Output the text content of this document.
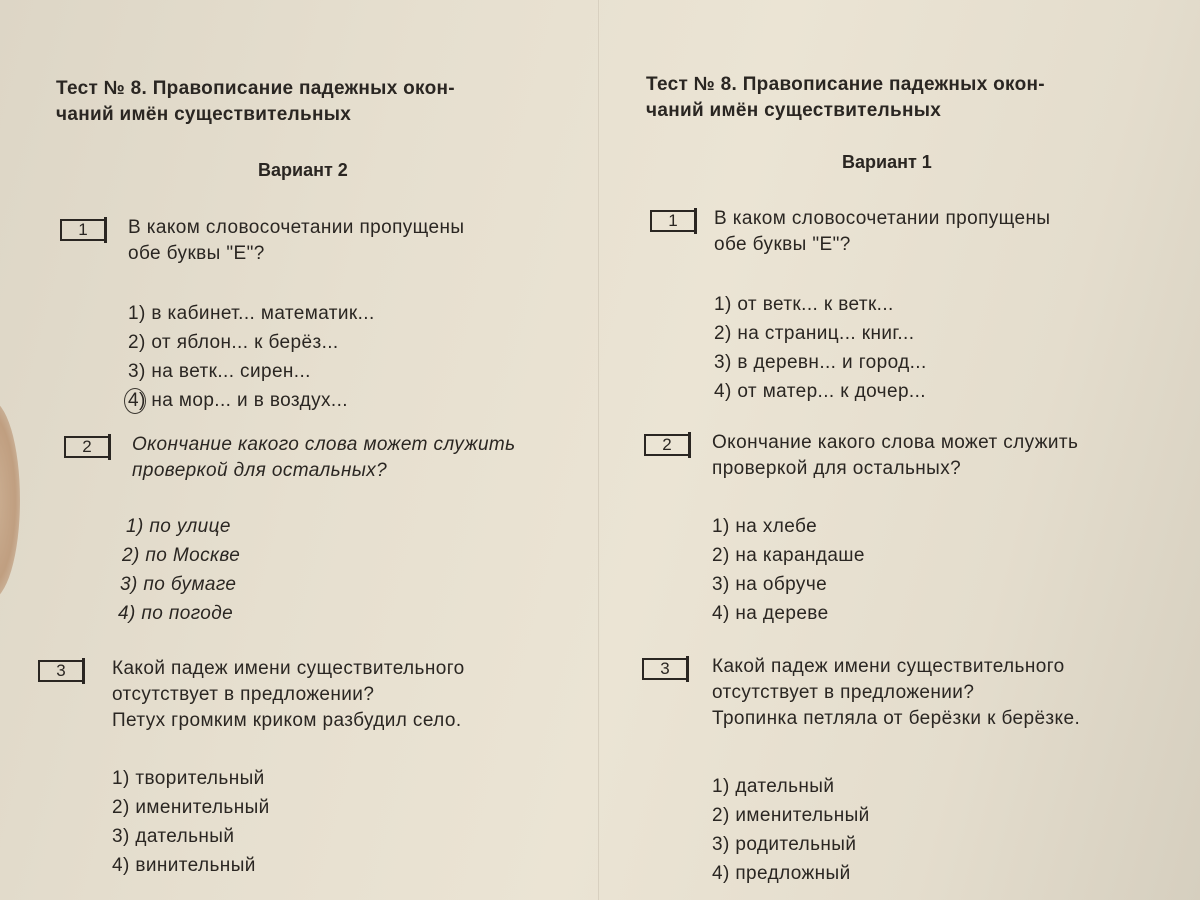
Тест № 8. Правописание падежных окон-
чаний имён существительных
Вариант 2
1	В каком словосочетании пропущены
обе буквы "Е"?
1) в кабинет... математик...
2) от яблон... к берёз...
3) на ветк... сирен...
4) на мор... и в воздух...
2	Окончание какого слова может служить
проверкой для остальных?
1) по улице
2) по Москве
3) по бумаге
4) по погоде
3	Какой падеж имени существительного
отсутствует в предложении?
Петух громким криком разбудил село.
1) творительный
2) именительный
3) дательный
4) винительный
Тест № 8. Правописание падежных окон-
чаний имён существительных
Вариант 1
1	В каком словосочетании пропущены
обе буквы "Е"?
1) от ветк... к ветк...
2) на страниц... книг...
3) в деревн... и город...
4) от матер... к дочер...
2	Окончание какого слова может служить
проверкой для остальных?
1) на хлебе
2) на карандаше
3) на обруче
4) на дереве
3	Какой падеж имени существительного
отсутствует в предложении?
Тропинка петляла от берёзки к берёзке.
1) дательный
2) именительный
3) родительный
4) предложный
